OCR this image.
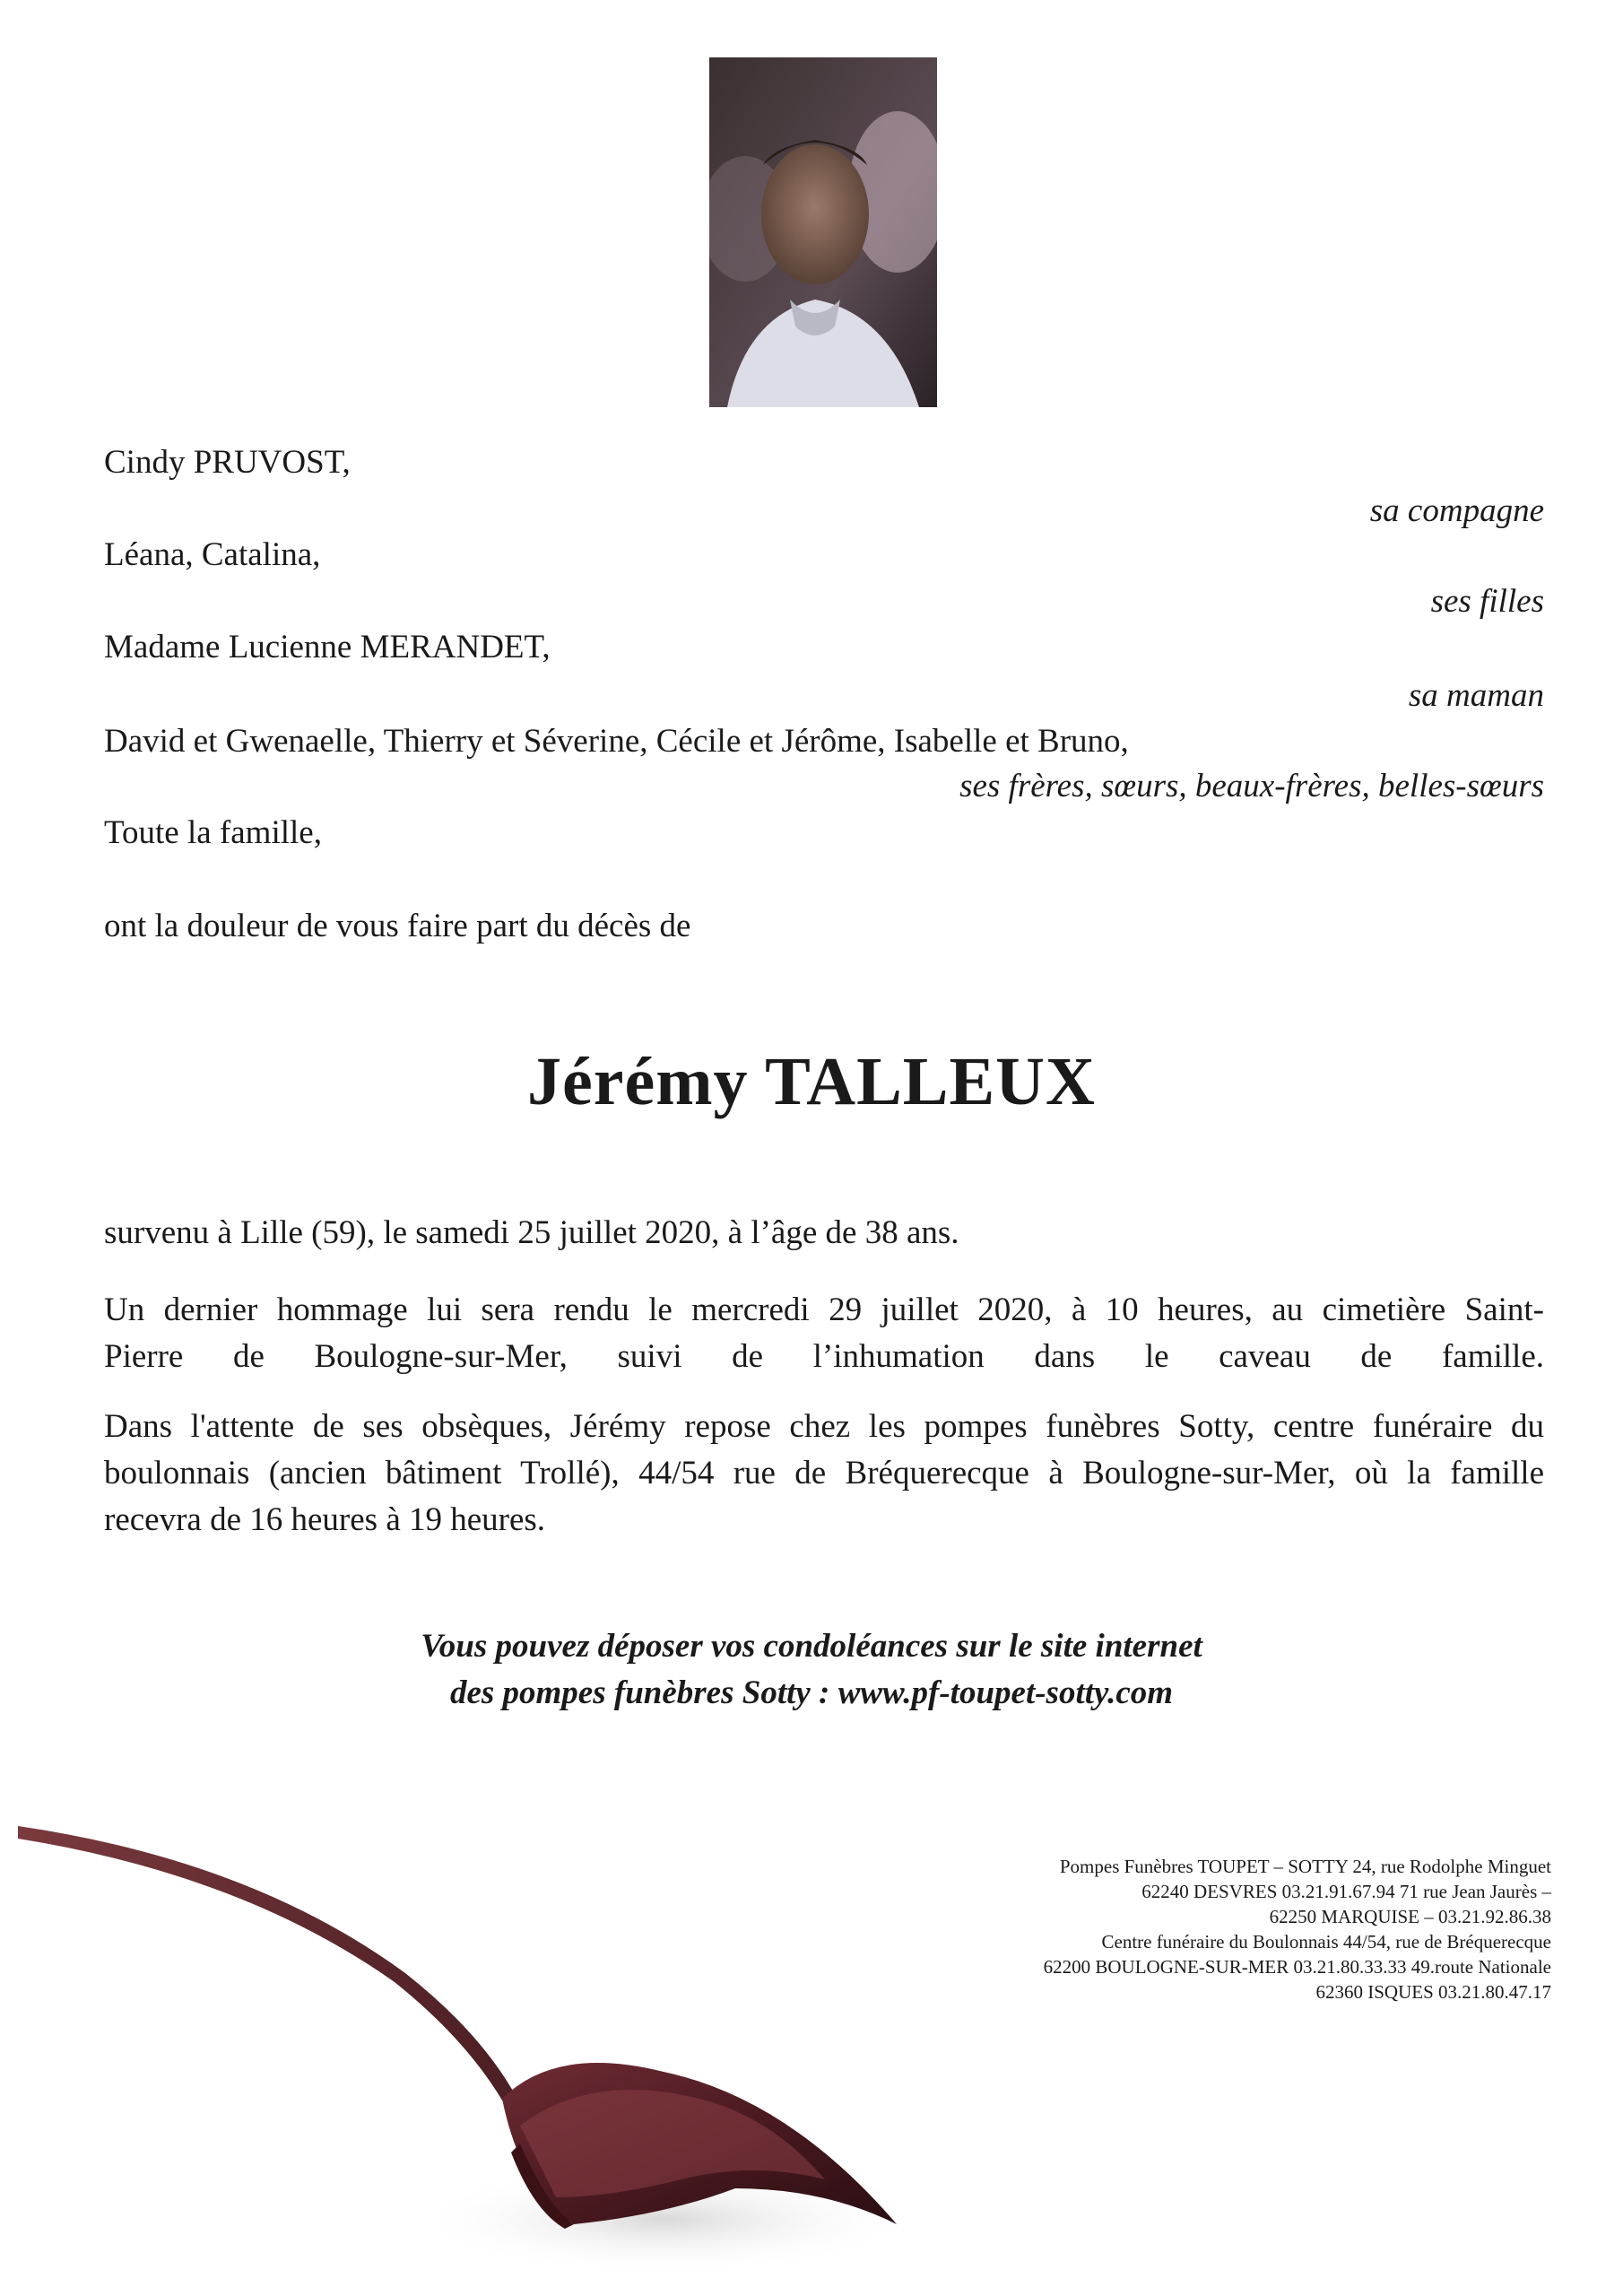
Cindy PRUVOST,
sa compagne
Léana, Catalina,
ses filles
Madame Lucienne MERANDET,
sa maman
David et Gwenaelle, Thierry et Séverine, Cécile et Jérôme, Isabelle et Bruno,
ses frères, sœurs, beaux-frères, belles-sœurs
Toute la famille,
ont la douleur de vous faire part du décès de
Jérémy TALLEUX
survenu à Lille (59), le samedi 25 juillet 2020, à l’âge de 38 ans.
Un dernier hommage lui sera rendu le mercredi 29 juillet 2020, à 10 heures, au cimetière Saint-
Pierre de Boulogne-sur-Mer, suivi de l’inhumation dans le caveau de famille.
Dans l'attente de ses obsèques, Jérémy repose chez les pompes funèbres Sotty, centre funéraire du
boulonnais (ancien bâtiment Trollé), 44/54 rue de Bréquerecque à Boulogne-sur-Mer, où la famille
recevra de 16 heures à 19 heures.
Vous pouvez déposer vos condoléances sur le site internet
des pompes funèbres Sotty : www.pf-toupet-sotty.com
Pompes Funèbres TOUPET – SOTTY 24, rue Rodolphe Minguet
62240 DESVRES 03.21.91.67.94 71 rue Jean Jaurès –
62250 MARQUISE – 03.21.92.86.38
Centre funéraire du Boulonnais 44/54, rue de Bréquerecque
62200 BOULOGNE-SUR-MER 03.21.80.33.33 49.route Nationale
62360 ISQUES 03.21.80.47.17
